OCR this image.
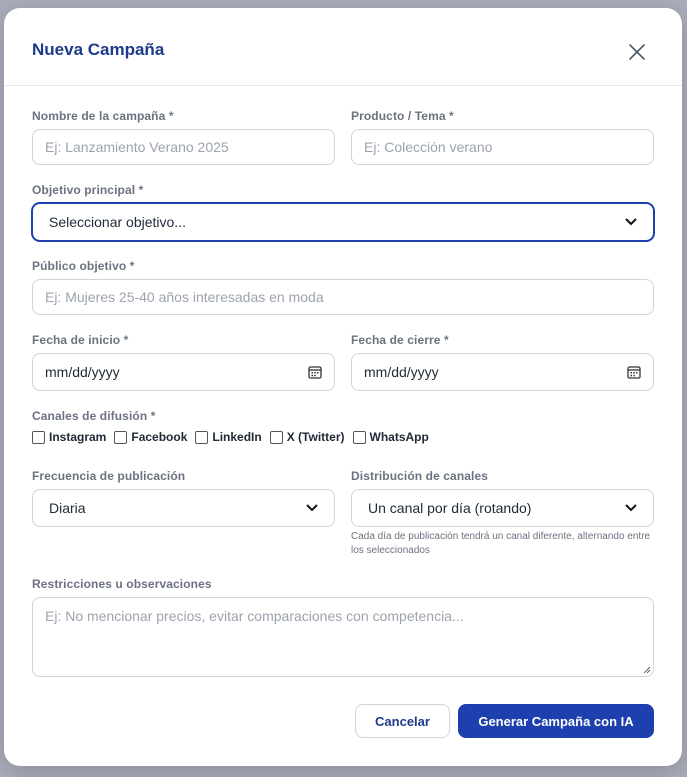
Nueva Campaña
Nombre de la campaña *
Ej: Lanzamiento Verano 2025
Producto / Tema *
Ej: Colección verano
Objetivo principal *
Seleccionar objetivo...
Público objetivo *
Ej: Mujeres 25-40 años interesadas en moda
Fecha de inicio *
mm/dd/yyyy
Fecha de cierre *
mm/dd/yyyy
Canales de difusión *
Instagram Facebook LinkedIn X (Twitter) WhatsApp
Frecuencia de publicación
Diaria
Distribución de canales
Un canal por día (rotando)
Cada día de publicación tendrá un canal diferente, alternando entre los seleccionados
Restricciones u observaciones
Ej: No mencionar precios, evitar comparaciones con competencia...
Cancelar	Generar Campaña con IA
